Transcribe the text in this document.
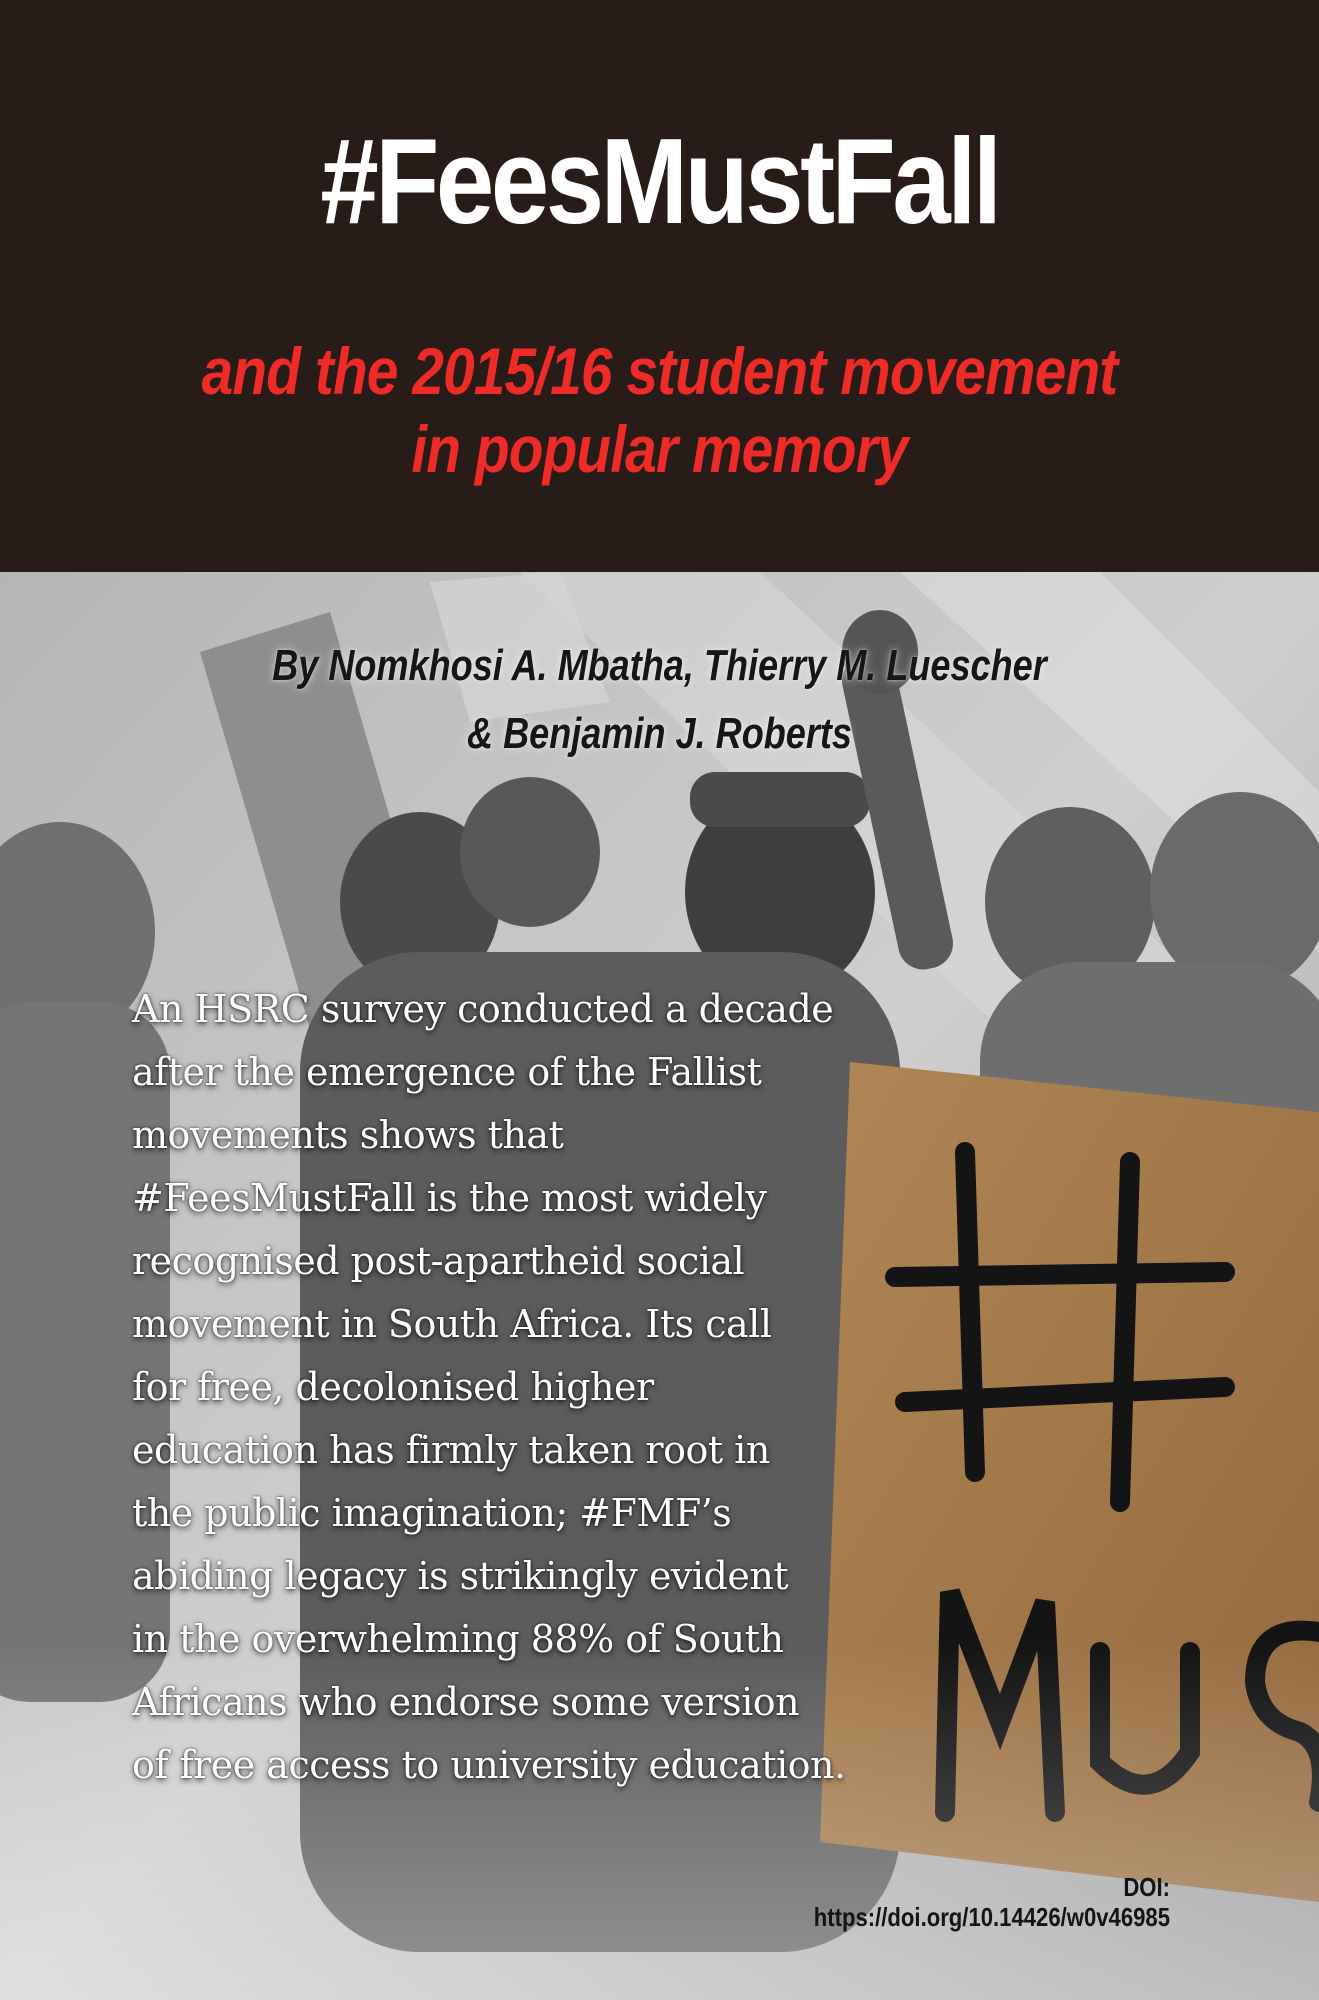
#FeesMustFall
and the 2015/16 student movement
in popular memory
By Nomkhosi A. Mbatha, Thierry M. Luescher
& Benjamin J. Roberts
An HSRC survey conducted a decade
after the emergence of the Fallist
movements shows that
#FeesMustFall is the most widely
recognised post-apartheid social
movement in South Africa. Its call
for free, decolonised higher
education has firmly taken root in
the public imagination; #FMF’s
abiding legacy is strikingly evident
in the overwhelming 88% of South
Africans who endorse some version
of free access to university education.
DOI: https://doi.org/10.14426/w0v46985
